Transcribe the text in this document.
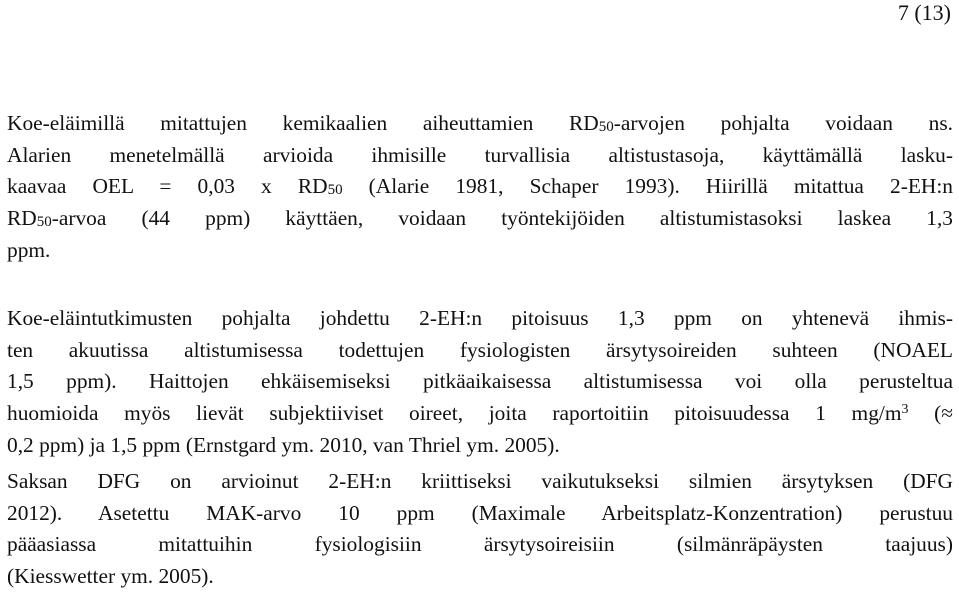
7 (13)
Koe-eläimillä mitattujen kemikaalien aiheuttamien RD50-arvojen pohjalta voidaan ns.
Alarien menetelmällä arvioida ihmisille turvallisia altistustasoja, käyttämällä lasku-
kaavaa OEL = 0,03 x RD50 (Alarie 1981, Schaper 1993). Hiirillä mitattua 2-EH:n
RD50-arvoa (44 ppm) käyttäen, voidaan työntekijöiden altistumistasoksi laskea 1,3
ppm.
Koe-eläintutkimusten pohjalta johdettu 2-EH:n pitoisuus 1,3 ppm on yhtenevä ihmis-
ten akuutissa altistumisessa todettujen fysiologisten ärsytysoireiden suhteen (NOAEL
1,5 ppm). Haittojen ehkäisemiseksi pitkäaikaisessa altistumisessa voi olla perusteltua
huomioida myös lievät subjektiiviset oireet, joita raportoitiin pitoisuudessa 1 $mg/m^3$ (≈
0,2 ppm) ja 1,5 ppm (Ernstgard ym. 2010, van Thriel ym. 2005).
Saksan DFG on arvioinut 2-EH:n kriittiseksi vaikutukseksi silmien ärsytyksen (DFG
2012). Asetettu MAK-arvo 10 ppm (Maximale Arbeitsplatz-Konzentration) perustuu
pääasiassa mitattuihin fysiologisiin ärsytysoireisiin (silmänräpäysten taajuus)
(Kiesswetter ym. 2005).
